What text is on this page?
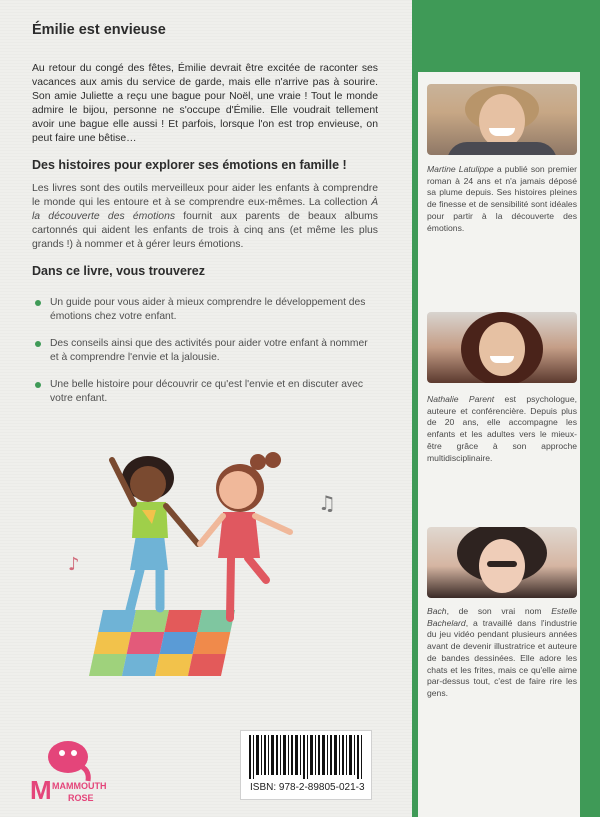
Émilie est envieuse

Au retour du congé des fêtes, Émilie devrait être excitée de raconter ses vacances aux amis du service de garde, mais elle n'arrive pas à sourire. Son amie Juliette a reçu une bague pour Noël, une vraie ! Tout le monde admire le bijou, personne ne s'occupe d'Émilie. Elle voudrait tellement avoir une bague elle aussi ! Et parfois, lorsque l'on est trop envieuse, on peut faire une bêtise…

Des histoires pour explorer ses émotions en famille !

Les livres sont des outils merveilleux pour aider les enfants à comprendre le monde qui les entoure et à se comprendre eux-mêmes. La collection À la découverte des émotions fournit aux parents de beaux albums cartonnés qui aident les enfants de trois à cinq ans (et même les plus grands !) à nommer et à gérer leurs émotions.

Dans ce livre, vous trouverez
Un guide pour vous aider à mieux comprendre le développement des émotions chez votre enfant.
Des conseils ainsi que des activités pour aider votre enfant à nommer et à comprendre l'envie et la jalousie.
Une belle histoire pour découvrir ce qu'est l'envie et en discuter avec votre enfant.

Martine Latulippe a publié son premier roman à 24 ans et n'a jamais déposé sa plume depuis. Ses histoires pleines de finesse et de sensibilité sont idéales pour partir à la découverte des émotions.

Nathalie Parent est psychologue, auteure et conférencière. Depuis plus de 20 ans, elle accompagne les enfants et les adultes vers le mieux-être grâce à son approche multidisciplinaire.

Bach, de son vrai nom Estelle Bachelard, a travaillé dans l'industrie du jeu vidéo pendant plusieurs années avant de devenir illustratrice et auteure de bandes dessinées. Elle adore les chats et les frites, mais ce qu'elle aime par-dessus tout, c'est de faire rire les gens.

♫
♪
M MAMMOUTH
ROSE
ISBN: 978-2-89805-021-3
